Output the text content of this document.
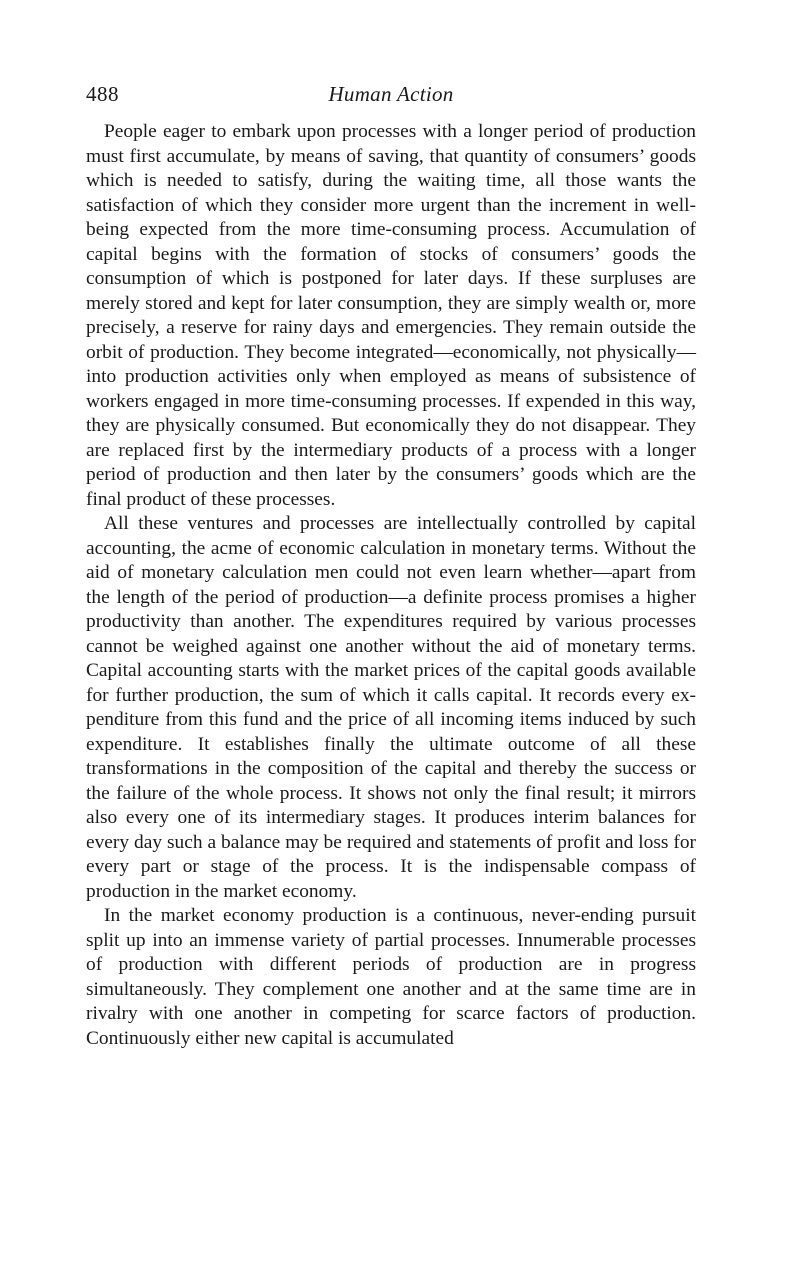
488	Human Action

People eager to embark upon processes with a longer period of production must first accumulate, by means of saving, that quantity of consumers’ goods which is needed to satisfy, during the waiting time, all those wants the satisfaction of which they consider more urgent than the increment in well-being expected from the more time-consuming process. Accumulation of capital begins with the formation of stocks of consumers’ goods the consumption of which is postponed for later days. If these surpluses are merely stored and kept for later consumption, they are simply wealth or, more precisely, a reserve for rainy days and emergencies. They remain outside the orbit of production. They become integrated—economically, not physically—into production activities only when employed as means of subsistence of workers engaged in more time-consuming processes. If expended in this way, they are physically consumed. But economically they do not disappear. They are replaced first by the intermediary products of a process with a longer period of production and then later by the consumers’ goods which are the final product of these processes.

All these ventures and processes are intellectually controlled by capital accounting, the acme of economic calculation in monetary terms. Without the aid of monetary calculation men could not even learn whether—apart from the length of the period of production—a definite process promises a higher productivity than another. The expenditures required by various processes cannot be weighed against one another without the aid of monetary terms. Capital accounting starts with the market prices of the capital goods available for further production, the sum of which it calls capital. It records every expenditure from this fund and the price of all incoming items induced by such expenditure. It establishes finally the ultimate outcome of all these transformations in the composition of the capital and thereby the success or the failure of the whole process. It shows not only the final result; it mirrors also every one of its intermediary stages. It produces interim balances for every day such a balance may be required and statements of profit and loss for every part or stage of the process. It is the indispensable compass of production in the market economy.

In the market economy production is a continuous, never-ending pursuit split up into an immense variety of partial processes. Innumerable processes of production with different periods of production are in progress simultaneously. They complement one another and at the same time are in rivalry with one another in competing for scarce factors of production. Continuously either new capital is accumulated
